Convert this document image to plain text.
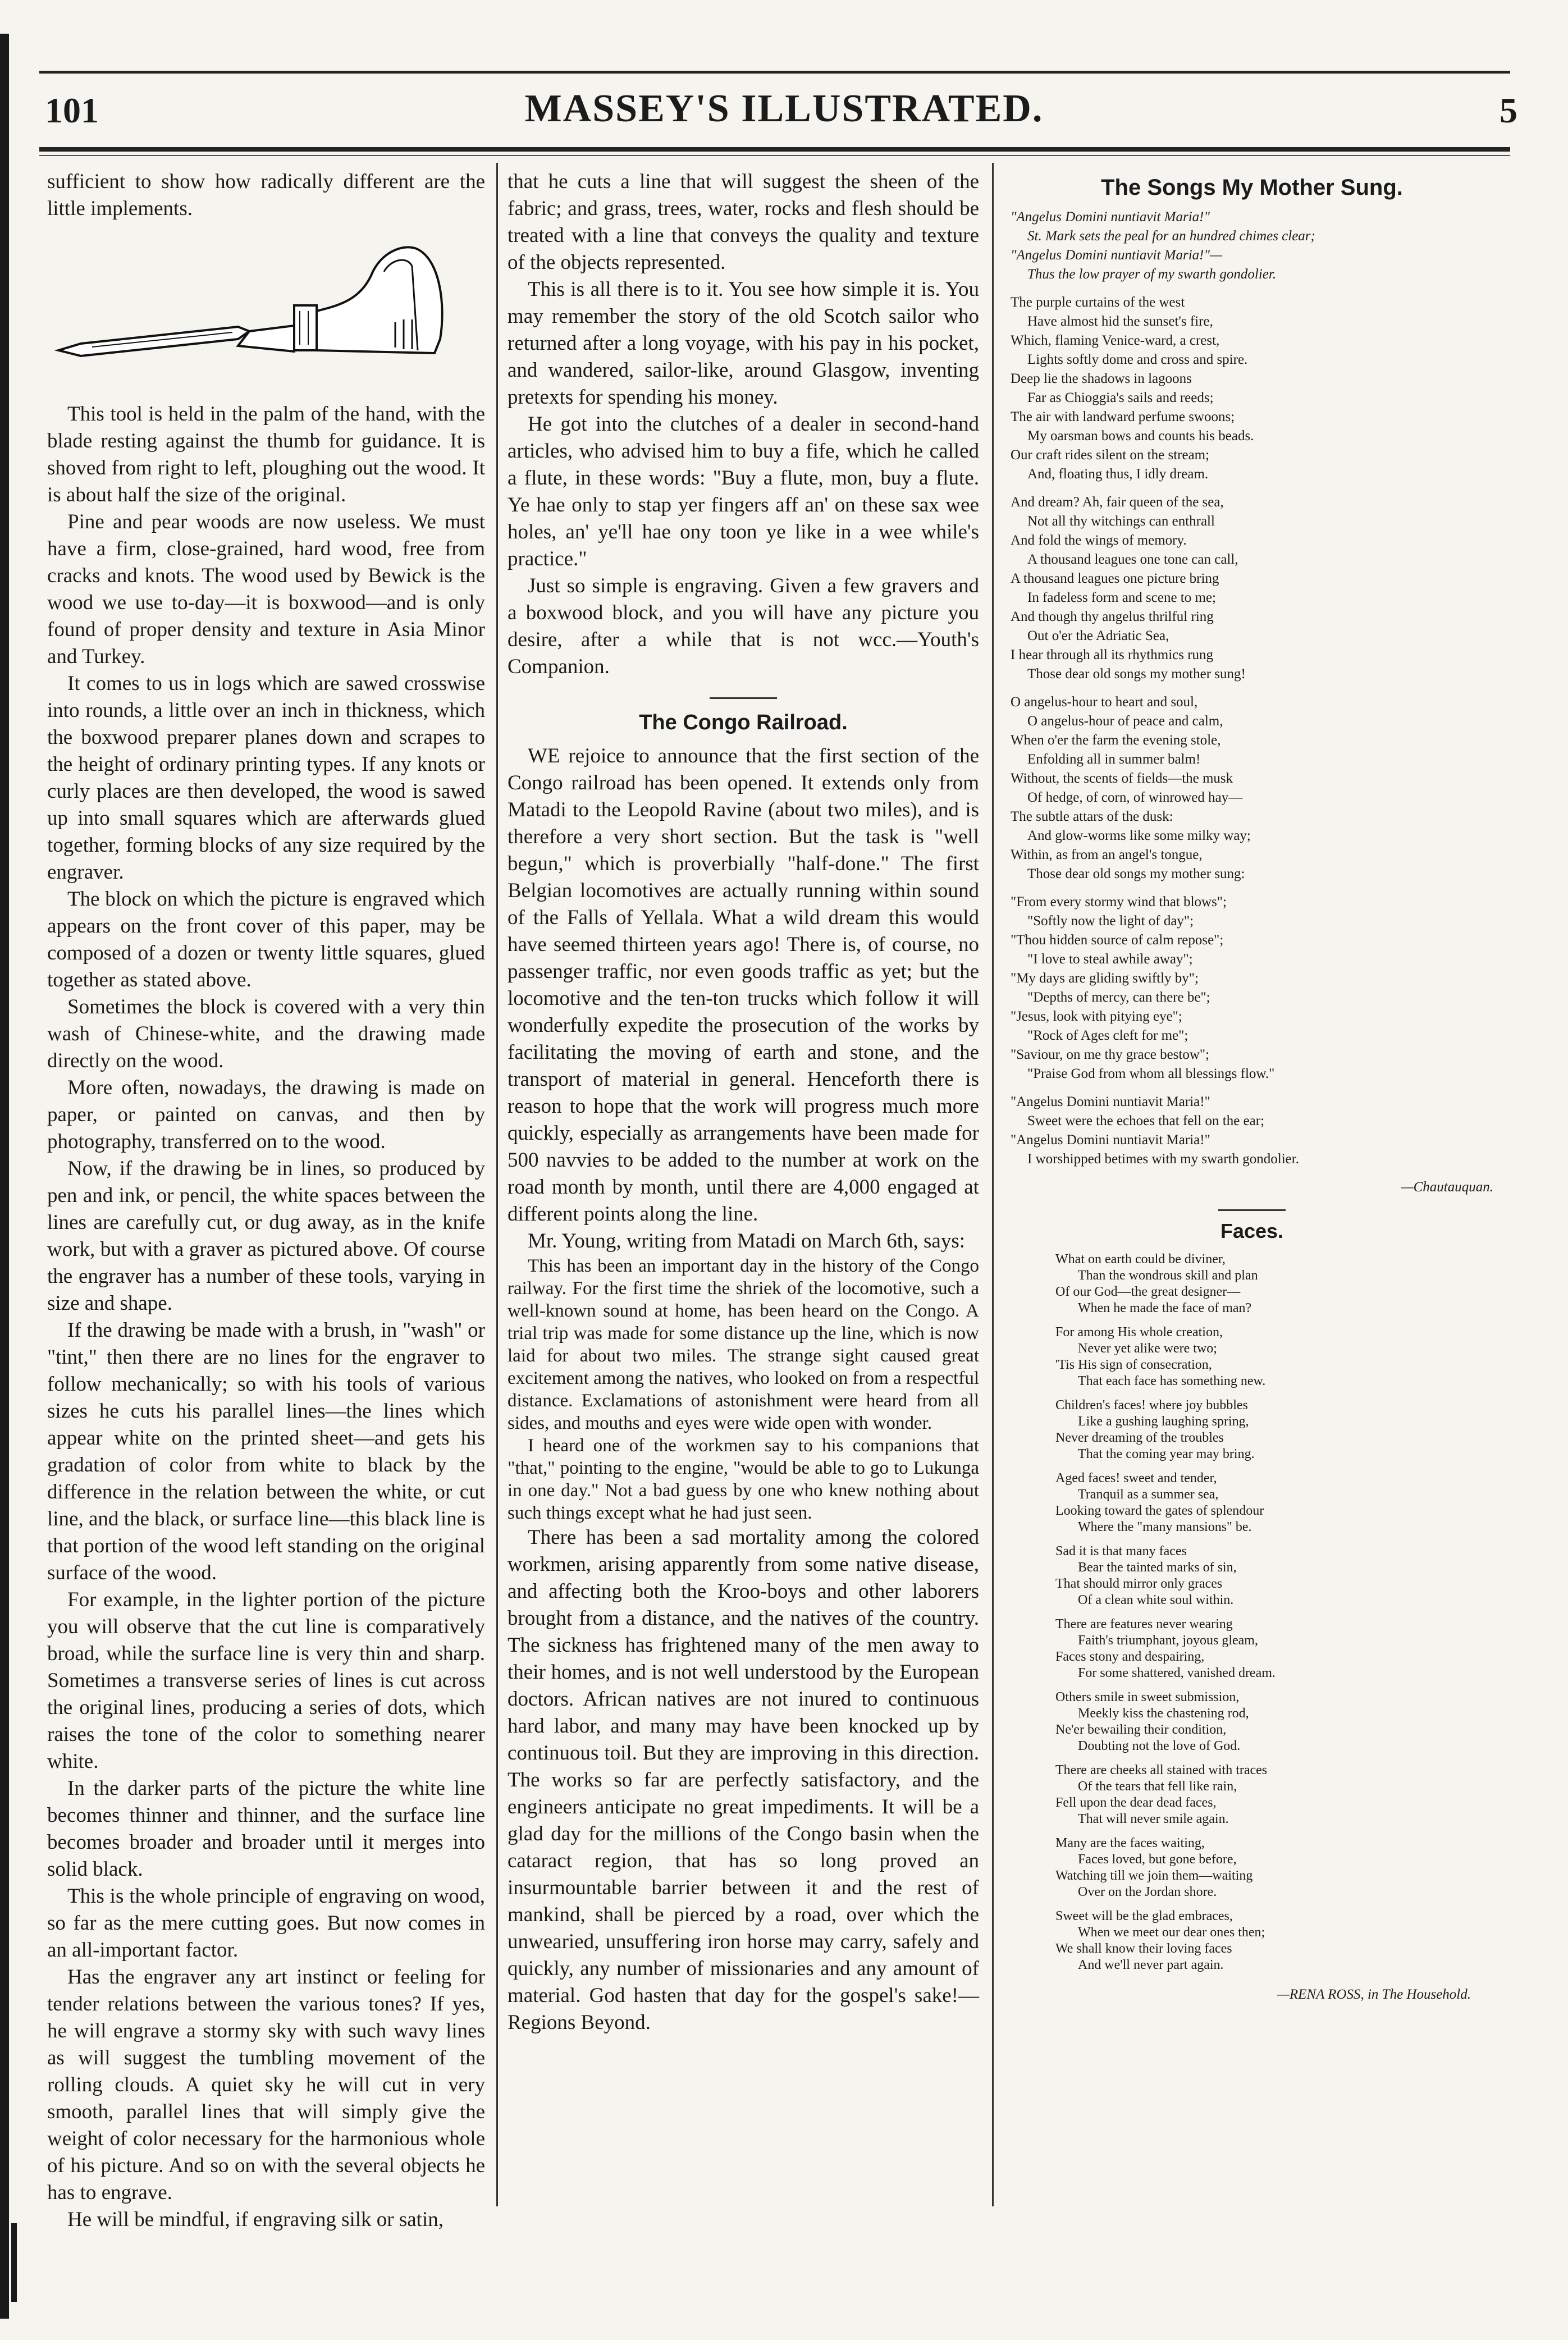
101	MASSEY'S ILLUSTRATED.	5

sufficient to show how radically different are the little implements.

This tool is held in the palm of the hand, with the blade resting against the thumb for guidance. It is shoved from right to left, ploughing out the wood. It is about half the size of the original.

Pine and pear woods are now useless. We must have a firm, close-grained, hard wood, free from cracks and knots. The wood used by Bewick is the wood we use to-day—it is boxwood—and is only found of proper density and texture in Asia Minor and Turkey.

It comes to us in logs which are sawed crosswise into rounds, a little over an inch in thickness, which the boxwood preparer planes down and scrapes to the height of ordinary printing types. If any knots or curly places are then developed, the wood is sawed up into small squares which are afterwards glued together, forming blocks of any size required by the engraver.

The block on which the picture is engraved which appears on the front cover of this paper, may be composed of a dozen or twenty little squares, glued together as stated above.

Sometimes the block is covered with a very thin wash of Chinese-white, and the drawing made directly on the wood.

More often, nowadays, the drawing is made on paper, or painted on canvas, and then by photography, transferred on to the wood.

Now, if the drawing be in lines, so produced by pen and ink, or pencil, the white spaces between the lines are carefully cut, or dug away, as in the knife work, but with a graver as pictured above. Of course the engraver has a number of these tools, varying in size and shape.

If the drawing be made with a brush, in "wash" or "tint," then there are no lines for the engraver to follow mechanically; so with his tools of various sizes he cuts his parallel lines—the lines which appear white on the printed sheet—and gets his gradation of color from white to black by the difference in the relation between the white, or cut line, and the black, or surface line—this black line is that portion of the wood left standing on the original surface of the wood.

For example, in the lighter portion of the picture you will observe that the cut line is comparatively broad, while the surface line is very thin and sharp. Sometimes a transverse series of lines is cut across the original lines, producing a series of dots, which raises the tone of the color to something nearer white.

In the darker parts of the picture the white line becomes thinner and thinner, and the surface line becomes broader and broader until it merges into solid black.

This is the whole principle of engraving on wood, so far as the mere cutting goes. But now comes in an all-important factor.

Has the engraver any art instinct or feeling for tender relations between the various tones? If yes, he will engrave a stormy sky with such wavy lines as will suggest the tumbling movement of the rolling clouds. A quiet sky he will cut in very smooth, parallel lines that will simply give the weight of color necessary for the harmonious whole of his picture. And so on with the several objects he has to engrave.

He will be mindful, if engraving silk or satin,

that he cuts a line that will suggest the sheen of the fabric; and grass, trees, water, rocks and flesh should be treated with a line that conveys the quality and texture of the objects represented.

This is all there is to it. You see how simple it is. You may remember the story of the old Scotch sailor who returned after a long voyage, with his pay in his pocket, and wandered, sailor-like, around Glasgow, inventing pretexts for spending his money.

He got into the clutches of a dealer in second-hand articles, who advised him to buy a fife, which he called a flute, in these words: "Buy a flute, mon, buy a flute. Ye hae only to stap yer fingers aff an' on these sax wee holes, an' ye'll hae ony toon ye like in a wee while's practice."

Just so simple is engraving. Given a few gravers and a boxwood block, and you will have any picture you desire, after a while that is not wcc.—Youth's Companion.

The Congo Railroad.

WE rejoice to announce that the first section of the Congo railroad has been opened. It extends only from Matadi to the Leopold Ravine (about two miles), and is therefore a very short section. But the task is "well begun," which is proverbially "half-done." The first Belgian locomotives are actually running within sound of the Falls of Yellala. What a wild dream this would have seemed thirteen years ago! There is, of course, no passenger traffic, nor even goods traffic as yet; but the locomotive and the ten-ton trucks which follow it will wonderfully expedite the prosecution of the works by facilitating the moving of earth and stone, and the transport of material in general. Henceforth there is reason to hope that the work will progress much more quickly, especially as arrangements have been made for 500 navvies to be added to the number at work on the road month by month, until there are 4,000 engaged at different points along the line.

Mr. Young, writing from Matadi on March 6th, says:

This has been an important day in the history of the Congo railway. For the first time the shriek of the locomotive, such a well-known sound at home, has been heard on the Congo. A trial trip was made for some distance up the line, which is now laid for about two miles. The strange sight caused great excitement among the natives, who looked on from a respectful distance. Exclamations of astonishment were heard from all sides, and mouths and eyes were wide open with wonder.

I heard one of the workmen say to his companions that "that," pointing to the engine, "would be able to go to Lukunga in one day." Not a bad guess by one who knew nothing about such things except what he had just seen.

There has been a sad mortality among the colored workmen, arising apparently from some native disease, and affecting both the Kroo-boys and other laborers brought from a distance, and the natives of the country. The sickness has frightened many of the men away to their homes, and is not well understood by the European doctors. African natives are not inured to continuous hard labor, and many may have been knocked up by continuous toil. But they are improving in this direction. The works so far are perfectly satisfactory, and the engineers anticipate no great impediments. It will be a glad day for the millions of the Congo basin when the cataract region, that has so long proved an insurmountable barrier between it and the rest of mankind, shall be pierced by a road, over which the unwearied, unsuffering iron horse may carry, safely and quickly, any number of missionaries and any amount of material. God hasten that day for the gospel's sake!—Regions Beyond.

The Songs My Mother Sung.
"Angelus Domini nuntiavit Maria!"
St. Mark sets the peal for an hundred chimes clear;
"Angelus Domini nuntiavit Maria!"—
Thus the low prayer of my swarth gondolier.
The purple curtains of the west
Have almost hid the sunset's fire,
Which, flaming Venice-ward, a crest,
Lights softly dome and cross and spire.
Deep lie the shadows in lagoons
Far as Chioggia's sails and reeds;
The air with landward perfume swoons;
My oarsman bows and counts his beads.
Our craft rides silent on the stream;
And, floating thus, I idly dream.
And dream? Ah, fair queen of the sea,
Not all thy witchings can enthrall
And fold the wings of memory.
A thousand leagues one tone can call,
A thousand leagues one picture bring
In fadeless form and scene to me;
And though thy angelus thrilful ring
Out o'er the Adriatic Sea,
I hear through all its rhythmics rung
Those dear old songs my mother sung!
O angelus-hour to heart and soul,
O angelus-hour of peace and calm,
When o'er the farm the evening stole,
Enfolding all in summer balm!
Without, the scents of fields—the musk
Of hedge, of corn, of winrowed hay—
The subtle attars of the dusk:
And glow-worms like some milky way;
Within, as from an angel's tongue,
Those dear old songs my mother sung:
"From every stormy wind that blows";
"Softly now the light of day";
"Thou hidden source of calm repose";
"I love to steal awhile away";
"My days are gliding swiftly by";
"Depths of mercy, can there be";
"Jesus, look with pitying eye";
"Rock of Ages cleft for me";
"Saviour, on me thy grace bestow";
"Praise God from whom all blessings flow."
"Angelus Domini nuntiavit Maria!"
Sweet were the echoes that fell on the ear;
"Angelus Domini nuntiavit Maria!"
I worshipped betimes with my swarth gondolier.
—Chautauquan.
Faces.
What on earth could be diviner,
Than the wondrous skill and plan
Of our God—the great designer—
When he made the face of man?
For among His whole creation,
Never yet alike were two;
'Tis His sign of consecration,
That each face has something new.
Children's faces! where joy bubbles
Like a gushing laughing spring,
Never dreaming of the troubles
That the coming year may bring.
Aged faces! sweet and tender,
Tranquil as a summer sea,
Looking toward the gates of splendour
Where the "many mansions" be.
Sad it is that many faces
Bear the tainted marks of sin,
That should mirror only graces
Of a clean white soul within.
There are features never wearing
Faith's triumphant, joyous gleam,
Faces stony and despairing,
For some shattered, vanished dream.
Others smile in sweet submission,
Meekly kiss the chastening rod,
Ne'er bewailing their condition,
Doubting not the love of God.
There are cheeks all stained with traces
Of the tears that fell like rain,
Fell upon the dear dead faces,
That will never smile again.
Many are the faces waiting,
Faces loved, but gone before,
Watching till we join them—waiting
Over on the Jordan shore.
Sweet will be the glad embraces,
When we meet our dear ones then;
We shall know their loving faces
And we'll never part again.
—RENA ROSS, in The Household.
